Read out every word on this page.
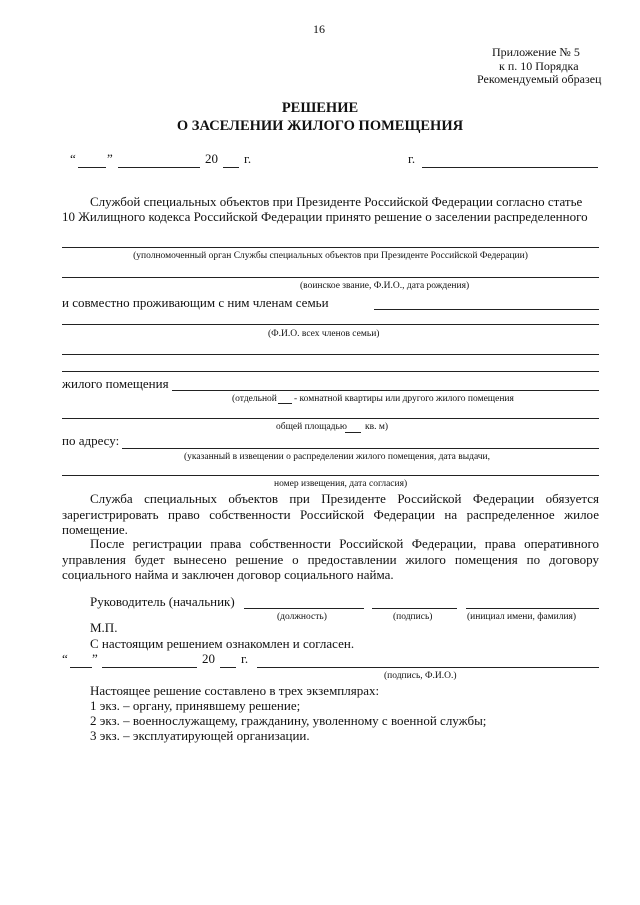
16
Приложение № 5
к п. 10 Порядка
Рекомендуемый образец
РЕШЕНИЕ
О ЗАСЕЛЕНИИ ЖИЛОГО ПОМЕЩЕНИЯ
“ ”	20 г.	г.
Службой специальных объектов при Президенте Российской Федерации согласно статье
10 Жилищного кодекса Российской Федерации принято решение о заселении распределенного
(уполномоченный орган Службы специальных объектов при Президенте Российской Федерации)
(воинское звание, Ф.И.О., дата рождения)
и совместно проживающим с ним членам семьи
(Ф.И.О. всех членов семьи)
жилого помещения
(отдельной - комнатной квартиры или другого жилого помещения
общей площадью кв. м)
по адресу:
(указанный в извещении о распределении жилого помещения, дата выдачи,
номер извещения, дата согласия)
Служба специальных объектов при Президенте Российской Федерации обязуется зарегистрировать право собственности Российской Федерации на распределенное жилое помещение.
После регистрации права собственности Российской Федерации, права оперативного управления будет вынесено решение о предоставлении жилого помещения по договору социального найма и заключен договор социального найма.
Руководитель (начальник)
(должность)	(подпись)	(инициал имени, фамилия)
М.П.
С настоящим решением ознакомлен и согласен.
“ ”	20 г.
(подпись, Ф.И.О.)
Настоящее решение составлено в трех экземплярах:
1 экз. – органу, принявшему решение;
2 экз. – военнослужащему, гражданину, уволенному с военной службы;
3 экз. – эксплуатирующей организации.
